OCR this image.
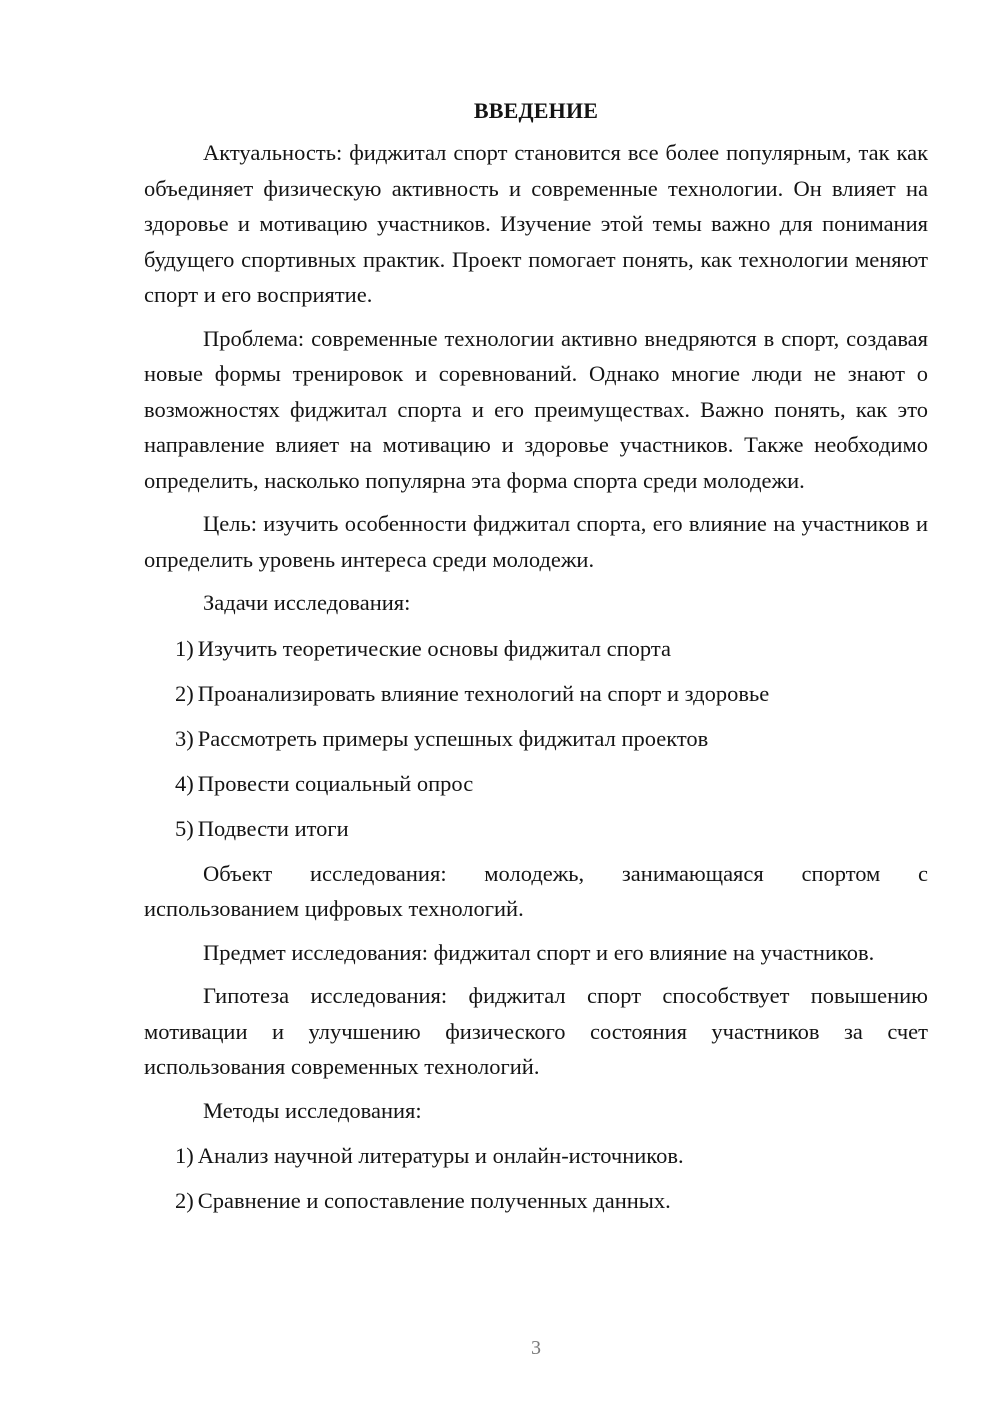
ВВЕДЕНИЕ

Актуальность: фиджитал спорт становится все более популярным, так как объединяет физическую активность и современные технологии. Он влияет на здоровье и мотивацию участников. Изучение этой темы важно для понимания будущего спортивных практик. Проект помогает понять, как технологии меняют спорт и его восприятие.

Проблема: современные технологии активно внедряются в спорт, создавая новые формы тренировок и соревнований. Однако многие люди не знают о возможностях фиджитал спорта и его преимуществах. Важно понять, как это направление влияет на мотивацию и здоровье участников. Также необходимо определить, насколько популярна эта форма спорта среди молодежи.

Цель: изучить особенности фиджитал спорта, его влияние на участников и определить уровень интереса среди молодежи.

Задачи исследования:

1) Изучить теоретические основы фиджитал спорта
2) Проанализировать влияние технологий на спорт и здоровье
3) Рассмотреть примеры успешных фиджитал проектов
4) Провести социальный опрос
5) Подвести итоги

Объект исследования: молодежь, занимающаяся спортом с использованием цифровых технологий.

Предмет исследования: фиджитал спорт и его влияние на участников.

Гипотеза исследования: фиджитал спорт способствует повышению мотивации и улучшению физического состояния участников за счет использования современных технологий.

Методы исследования:

1) Анализ научной литературы и онлайн-источников.
2) Сравнение и сопоставление полученных данных.
3
